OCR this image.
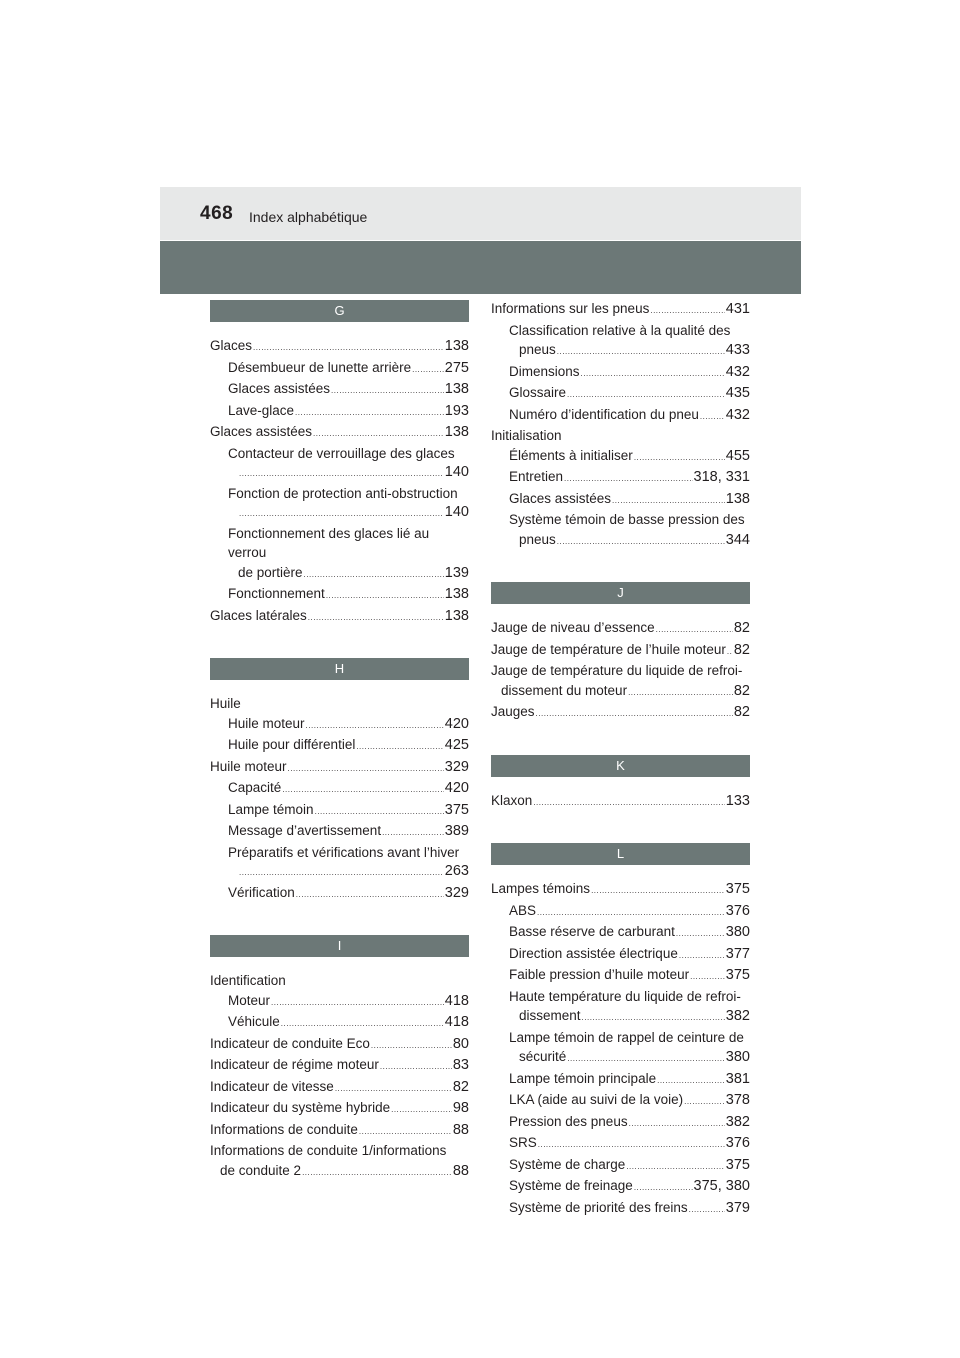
468 Index alphabétique
G
Glaces .....	138
Désembueur de lunette arrière ..... 275
Glaces assistées .....	138
Lave-glace .....	193
Glaces assistées .....	138
Contacteur de verrouillage des glaces
.....
140
Fonction de protection anti-obstruction
.....
140
Fonctionnement des glaces lié au verrou
de portière .....	139
Fonctionnement .....	138
Glaces latérales .....	138
H
Huile
Huile moteur .....	420
Huile pour différentiel .....	425
Huile moteur .....	329
Capacité .....	420
Lampe témoin .....	375
Message d’avertissement .....	389
Préparatifs et vérifications avant l’hiver
.....
263
Vérification .....	329
I
Identification
Moteur .....	418
Véhicule .....	418
Indicateur de conduite Eco .....	80
Indicateur de régime moteur .....	83
Indicateur de vitesse .....	82
Indicateur du système hybride .....	98
Informations de conduite .....	88
Informations de conduite 1/informations
de conduite 2 .....	88
Informations sur les pneus .....	431
Classification relative à la qualité des
pneus .....	433
Dimensions .....	432
Glossaire .....	435
Numéro d’identification du pneu ..... 432
Initialisation
Éléments à initialiser .....	455
Entretien .....	318, 331
Glaces assistées .....	138
Système témoin de basse pression des
pneus .....	344
J
Jauge de niveau d’essence .....	82
Jauge de température de l’huile moteur ..... 82
Jauge de température du liquide de refroi-
dissement du moteur .....	82
Jauges .....	82
K
Klaxon .....	133
L
Lampes témoins .....	375
ABS .....	376
Basse réserve de carburant .....	380
Direction assistée électrique .....	377
Faible pression d’huile moteur .....	375
Haute température du liquide de refroi-
dissement .....	382
Lampe témoin de rappel de ceinture de
sécurité .....	380
Lampe témoin principale .....	381
LKA (aide au suivi de la voie) .....	378
Pression des pneus .....	382
SRS .....	376
Système de charge .....	375
Système de freinage .....	375, 380
Système de priorité des freins .....	379
